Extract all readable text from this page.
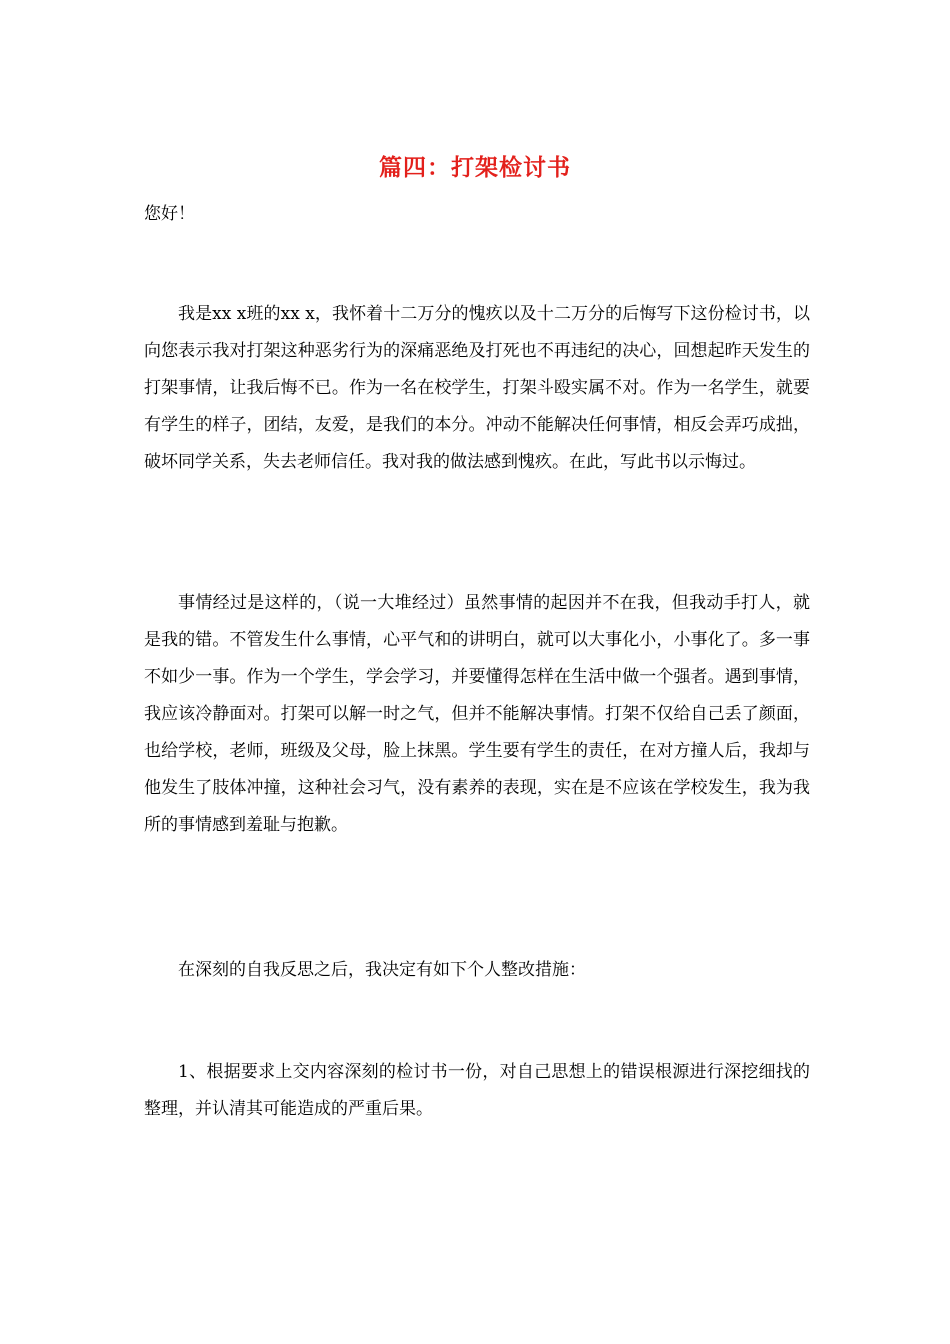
篇四：打架检讨书
您好！

我是xx x班的xx x，我怀着十二万分的愧疚以及十二万分的后悔写下这份检讨书，以向您表示我对打架这种恶劣行为的深痛恶绝及打死也不再违纪的决心，回想起昨天发生的打架事情，让我后悔不已。作为一名在校学生，打架斗殴实属不对。作为一名学生，就要有学生的样子，团结，友爱，是我们的本分。冲动不能解决任何事情，相反会弄巧成拙，破坏同学关系，失去老师信任。我对我的做法感到愧疚。在此，写此书以示悔过。

事情经过是这样的，（说一大堆经过）虽然事情的起因并不在我，但我动手打人，就是我的错。不管发生什么事情，心平气和的讲明白，就可以大事化小，小事化了。多一事不如少一事。作为一个学生，学会学习，并要懂得怎样在生活中做一个强者。遇到事情，我应该冷静面对。打架可以解一时之气，但并不能解决事情。打架不仅给自己丢了颜面，也给学校，老师，班级及父母，脸上抹黑。学生要有学生的责任，在对方撞人后，我却与他发生了肢体冲撞，这种社会习气，没有素养的表现，实在是不应该在学校发生，我为我所的事情感到羞耻与抱歉。

在深刻的自我反思之后，我决定有如下个人整改措施：

1、根据要求上交内容深刻的检讨书一份，对自己思想上的错误根源进行深挖细找的整理，并认清其可能造成的严重后果。
